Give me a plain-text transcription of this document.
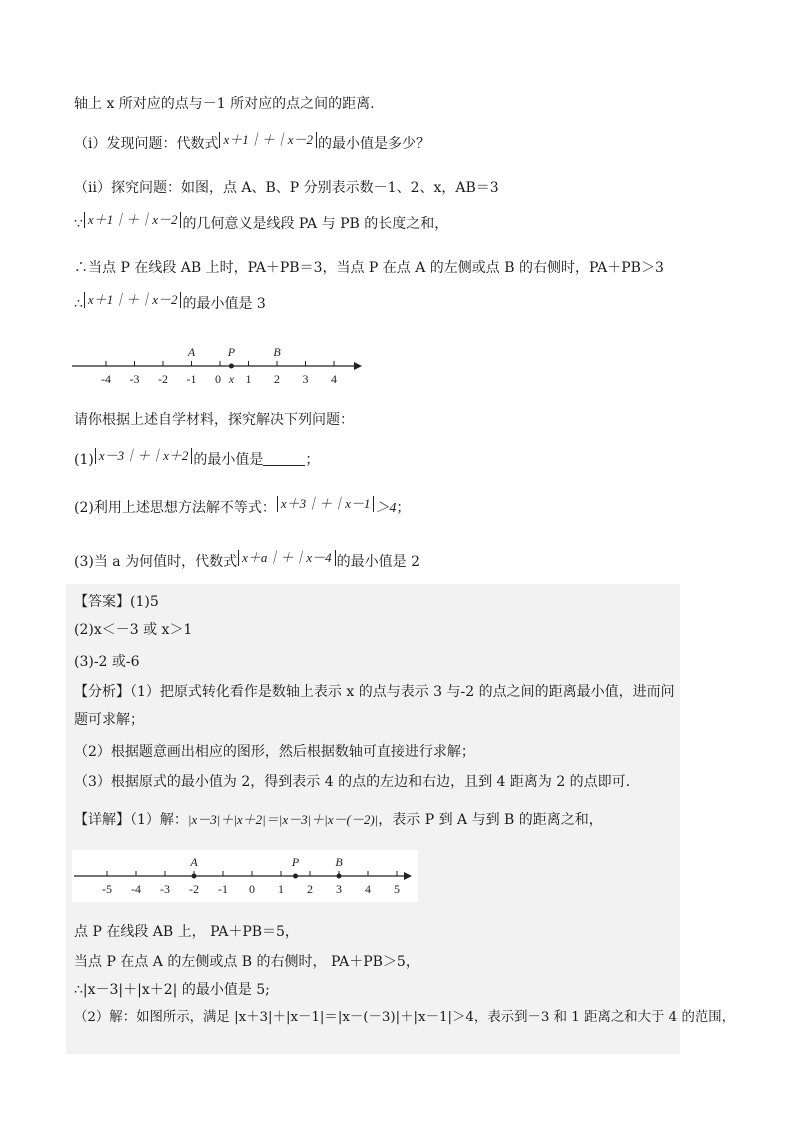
轴上 x 所对应的点与－1 所对应的点之间的距离.
（ⅰ）发现问题：代数式 x＋1｜＋｜x－2 的最小值是多少？
（ⅱ）探究问题：如图，点 A、B、P 分别表示数－1、2、x，AB＝3
∵ x＋1｜＋｜x－2 的几何意义是线段 PA 与 PB 的长度之和，
∴当点 P 在线段 AB 上时，PA＋PB＝3，当点 P 在点 A 的左侧或点 B 的右侧时，PA＋PB＞3
∴ x＋1｜＋｜x－2 的最小值是 3
-4 -3 -2 -1 0 1 2 3 4
A	P	B
x
请你根据上述自学材料，探究解决下列问题：
(1) x－3｜＋｜x＋2 的最小值是	；
(2)利用上述思想方法解不等式： x＋3｜＋｜x－1 ＞4；
(3)当 a 为何值时，代数式 x＋a｜＋｜x－4 的最小值是 2
【答案】(1)5
(2)x＜－3 或 x＞1
(3)-2 或-6
【分析】（1）把原式转化看作是数轴上表示 x 的点与表示 3 与-2 的点之间的距离最小值，进而问
题可求解；
（2）根据题意画出相应的图形，然后根据数轴可直接进行求解；
（3）根据原式的最小值为 2，得到表示 4 的点的左边和右边，且到 4 距离为 2 的点即可.
【详解】（1）解：|x－3|＋|x＋2|＝|x－3|＋|x－(－2)|，表示 P 到 A 与到 B 的距离之和，
-5 -4 -3 -2 -1 0 1 2 3 4 5
A	P	B
点 P 在线段 AB 上， PA＋PB＝5，
当点 P 在点 A 的左侧或点 B 的右侧时， PA＋PB＞5，
∴|x－3|＋|x＋2| 的最小值是 5;
（2）解：如图所示，满足 |x＋3|＋|x－1|＝|x－(－3)|＋|x－1|＞4，表示到－3 和 1 距离之和大于 4 的范围，
